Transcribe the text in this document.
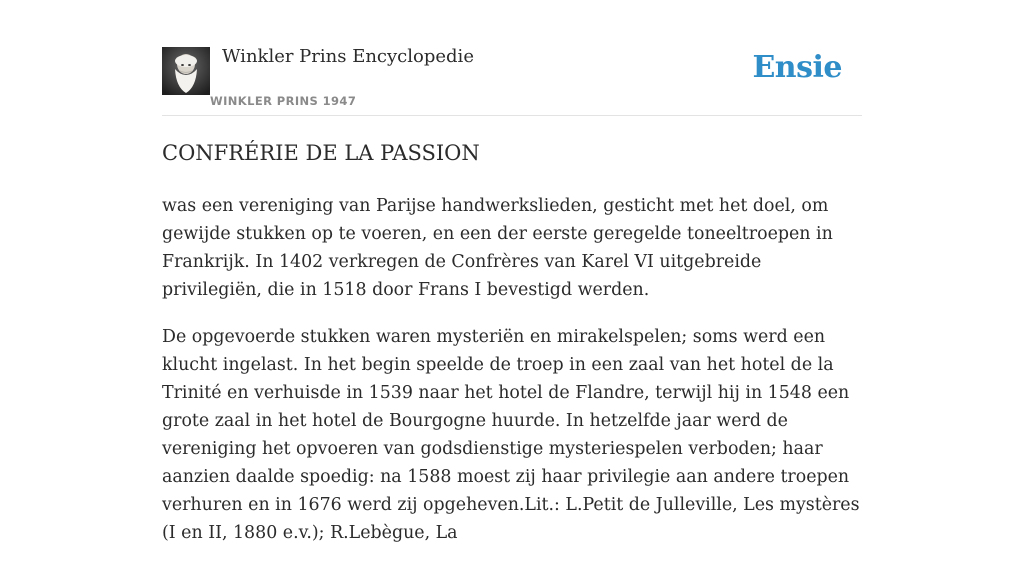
Winkler Prins Encyclopedie
WINKLER PRINS 1947
Ensie
CONFRÉRIE DE LA PASSION

was een vereniging van Parijse handwerkslieden, gesticht met het doel, om gewijde stukken op te voeren, en een der eerste geregelde toneeltroepen in Frankrijk. In 1402 verkregen de Confrères van Karel VI uitgebreide privilegiën, die in 1518 door Frans I bevestigd werden.

De opgevoerde stukken waren mysteriën en mirakelspelen; soms werd een klucht ingelast. In het begin speelde de troep in een zaal van het hotel de la Trinité en verhuisde in 1539 naar het hotel de Flandre, terwijl hij in 1548 een grote zaal in het hotel de Bourgogne huurde. In hetzelfde jaar werd de vereniging het opvoeren van godsdienstige mysteriespelen verboden; haar aanzien daalde spoedig: na 1588 moest zij haar privilegie aan andere troepen verhuren en in 1676 werd zij opgeheven.Lit.: L.Petit de Julleville, Les mystères (I en II, 1880 e.v.); R.Lebègue, La
